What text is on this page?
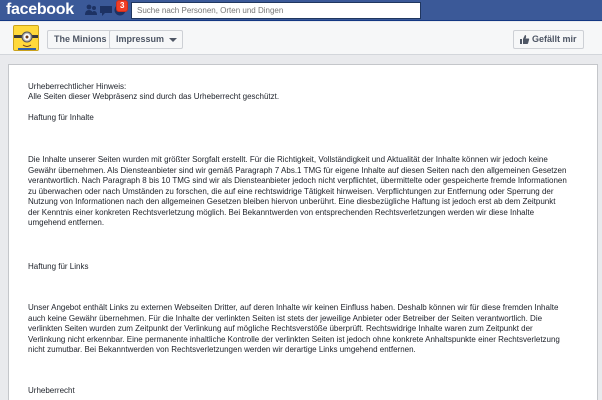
facebook	3
Suche nach Personen, Orten und Dingen
The Minions	Impressum	Gefällt mir
Urheberrechtlicher Hinweis:
Alle Seiten dieser Webpräsenz sind durch das Urheberrecht geschützt.
Haftung für Inhalte
Die Inhalte unserer Seiten wurden mit größter Sorgfalt erstellt. Für die Richtigkeit, Vollständigkeit und Aktualität der Inhalte können wir jedoch keine
Gewähr übernehmen. Als Diensteanbieter sind wir gemäß Paragraph 7 Abs.1 TMG für eigene Inhalte auf diesen Seiten nach den allgemeinen Gesetzen
verantwortlich. Nach Paragraph 8 bis 10 TMG sind wir als Diensteanbieter jedoch nicht verpflichtet, übermittelte oder gespeicherte fremde Informationen
zu überwachen oder nach Umständen zu forschen, die auf eine rechtswidrige Tätigkeit hinweisen. Verpflichtungen zur Entfernung oder Sperrung der
Nutzung von Informationen nach den allgemeinen Gesetzen bleiben hiervon unberührt. Eine diesbezügliche Haftung ist jedoch erst ab dem Zeitpunkt
der Kenntnis einer konkreten Rechtsverletzung möglich. Bei Bekanntwerden von entsprechenden Rechtsverletzungen werden wir diese Inhalte
umgehend entfernen.
Haftung für Links
Unser Angebot enthält Links zu externen Webseiten Dritter, auf deren Inhalte wir keinen Einfluss haben. Deshalb können wir für diese fremden Inhalte
auch keine Gewähr übernehmen. Für die Inhalte der verlinkten Seiten ist stets der jeweilige Anbieter oder Betreiber der Seiten verantwortlich. Die
verlinkten Seiten wurden zum Zeitpunkt der Verlinkung auf mögliche Rechtsverstöße überprüft. Rechtswidrige Inhalte waren zum Zeitpunkt der
Verlinkung nicht erkennbar. Eine permanente inhaltliche Kontrolle der verlinkten Seiten ist jedoch ohne konkrete Anhaltspunkte einer Rechtsverletzung
nicht zumutbar. Bei Bekanntwerden von Rechtsverletzungen werden wir derartige Links umgehend entfernen.
Urheberrecht
